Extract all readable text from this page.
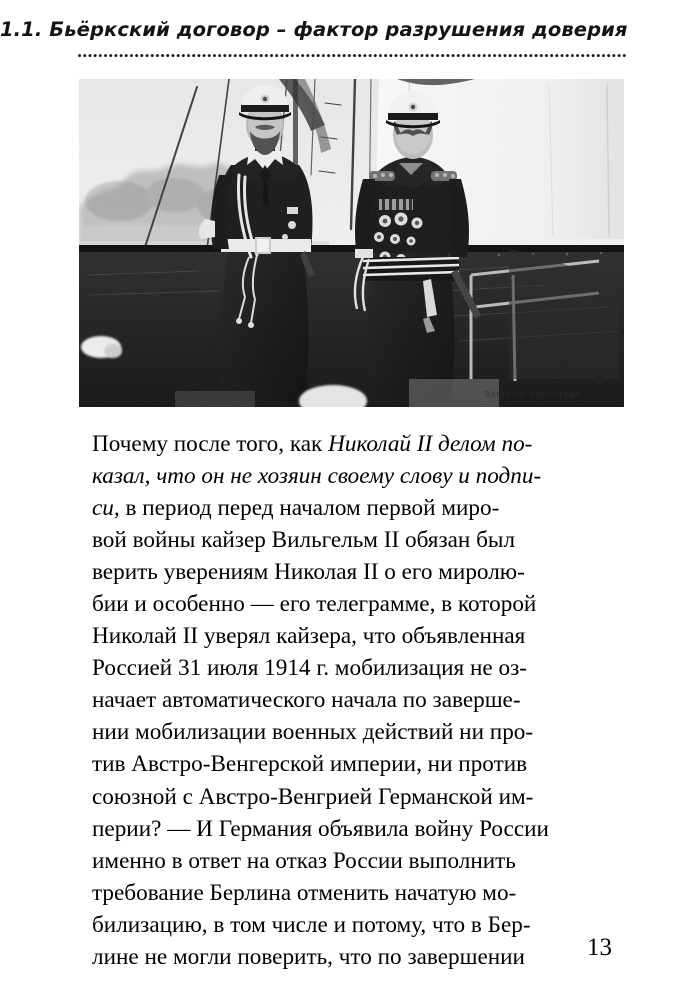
1.1. Бьёркский договор – фактор разрушения доверия
Rotophot Berlin repr.
Почему после того, как Николай II делом по-
казал, что он не хозяин своему слову и подпи-
си, в период перед началом первой миро-
вой войны кайзер Вильгельм II обязан был
верить уверениям Николая II о его миролю-
бии и особенно — его телеграмме, в которой
Николай II уверял кайзера, что объявленная
Россией 31 июля 1914 г. мобилизация не оз-
начает автоматического начала по заверше-
нии мобилизации военных действий ни про-
тив Австро-Венгерской империи, ни против
союзной с Австро-Венгрией Германской им-
перии? — И Германия объявила войну России
именно в ответ на отказ России выполнить
требование Берлина отменить начатую мо-
билизацию, в том числе и потому, что в Бер-
лине не могли поверить, что по завершении	13
